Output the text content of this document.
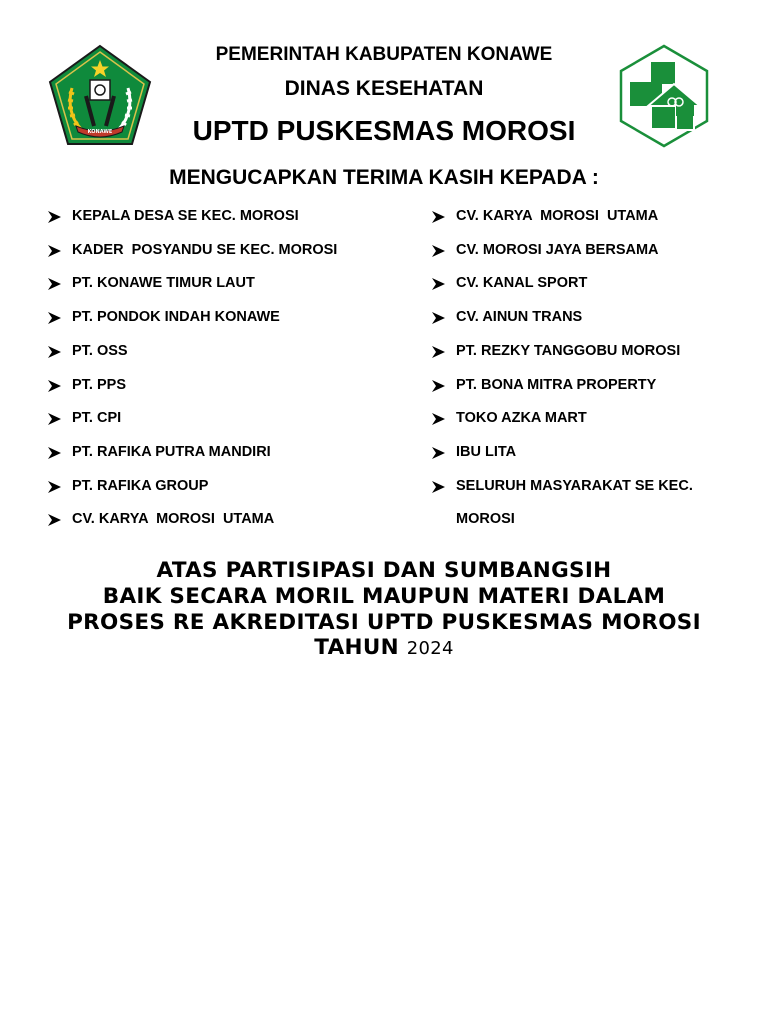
KONAWE
PEMERINTAH KABUPATEN KONAWE
DINAS KESEHATAN
UPTD PUSKESMAS MOROSI
MENGUCAPKAN TERIMA KASIH KEPADA :
KEPALA DESA SE KEC. MOROSI
KADER  POSYANDU SE KEC. MOROSI
PT. KONAWE TIMUR LAUT
PT. PONDOK INDAH KONAWE
PT. OSS
PT. PPS
PT. CPI
PT. RAFIKA PUTRA MANDIRI
PT. RAFIKA GROUP
CV. KARYA  MOROSI  UTAMA
CV. KARYA  MOROSI  UTAMA
CV. MOROSI JAYA BERSAMA
CV. KANAL SPORT
CV. AINUN TRANS
PT. REZKY TANGGOBU MOROSI
PT. BONA MITRA PROPERTY
TOKO AZKA MART
IBU LITA
SELURUH MASYARAKAT SE KEC.
MOROSI
ATAS PARTISIPASI DAN SUMBANGSIH
BAIK SECARA MORIL MAUPUN MATERI DALAM
PROSES RE AKREDITASI UPTD PUSKESMAS MOROSI
TAHUN 2024
